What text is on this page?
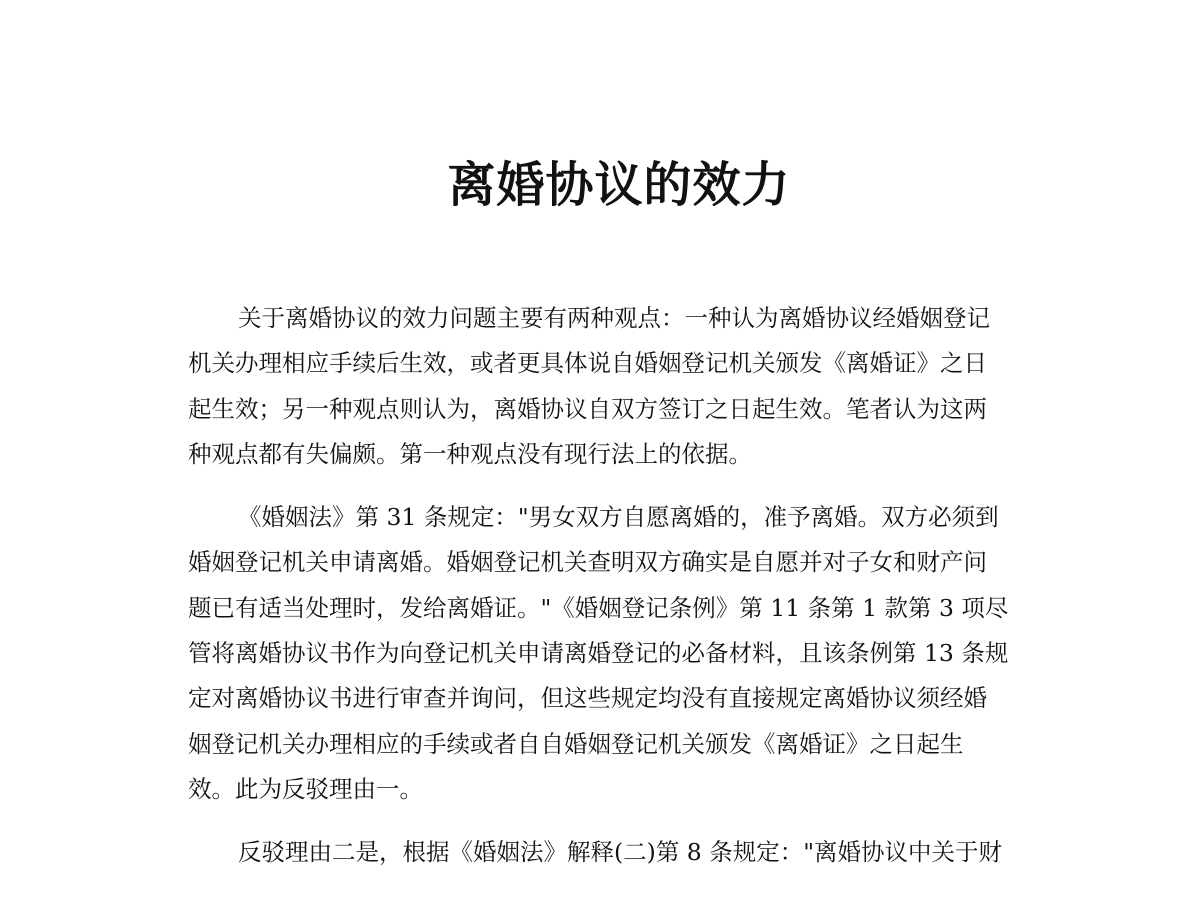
离婚协议的效力
关于离婚协议的效力问题主要有两种观点：一种认为离婚协议经婚姻登记
机关办理相应手续后生效，或者更具体说自婚姻登记机关颁发《离婚证》之日
起生效；另一种观点则认为，离婚协议自双方签订之日起生效。笔者认为这两
种观点都有失偏颇。第一种观点没有现行法上的依据。
《婚姻法》第 31 条规定："男女双方自愿离婚的，准予离婚。双方必须到
婚姻登记机关申请离婚。婚姻登记机关查明双方确实是自愿并对子女和财产问
题已有适当处理时，发给离婚证。"《婚姻登记条例》第 11 条第 1 款第 3 项尽
管将离婚协议书作为向登记机关申请离婚登记的必备材料，且该条例第 13 条规
定对离婚协议书进行审查并询问，但这些规定均没有直接规定离婚协议须经婚
姻登记机关办理相应的手续或者自自婚姻登记机关颁发《离婚证》之日起生
效。此为反驳理由一。
反驳理由二是，根据《婚姻法》解释(二)第 8 条规定："离婚协议中关于财
